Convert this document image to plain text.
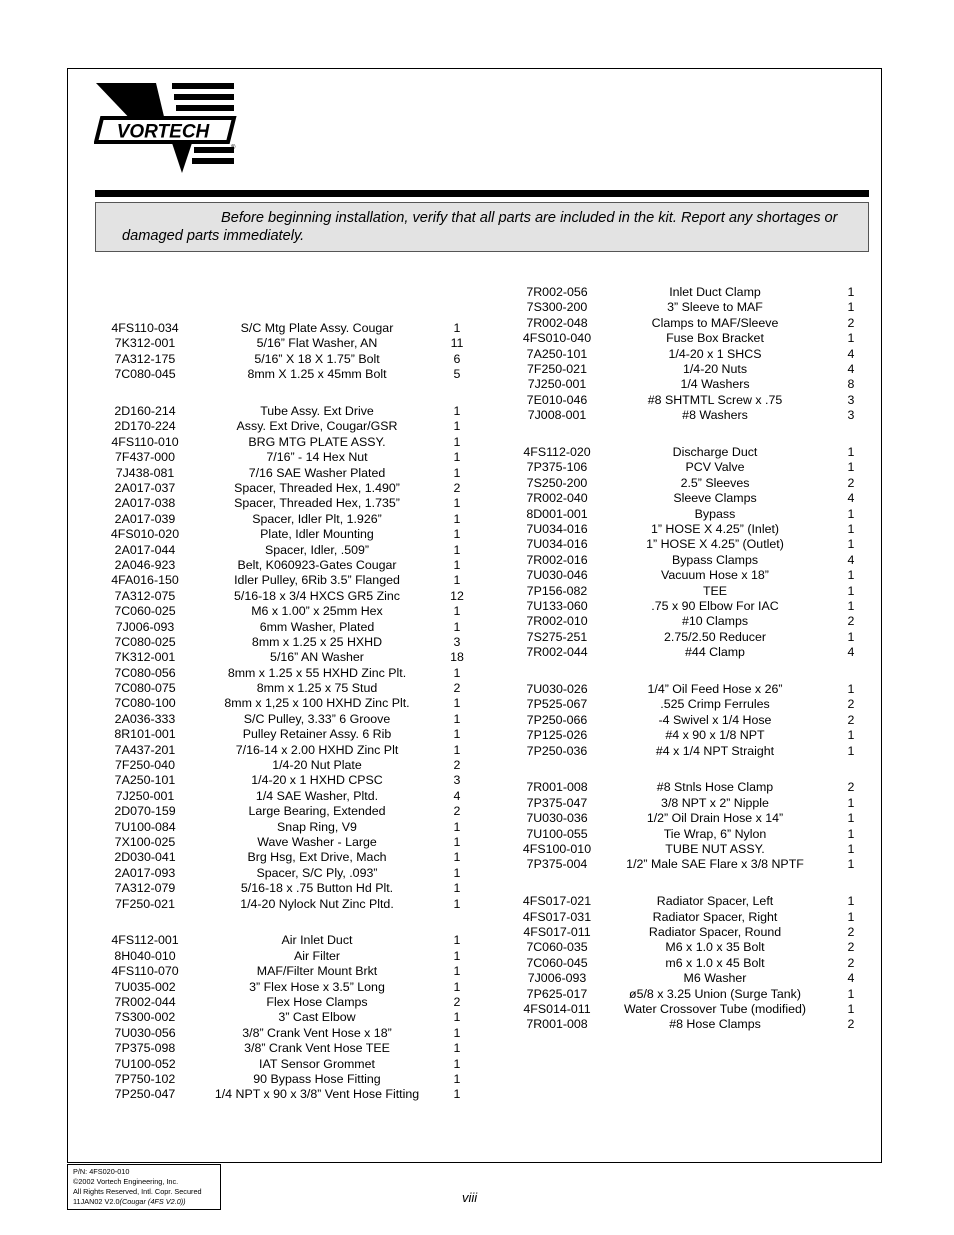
VORTECH
®
Before beginning installation, verify that all parts are included in the kit. Report any shortages or damaged parts immediately.
4FS110-034	S/C Mtg Plate Assy. Cougar	1
7K312-001	5/16” Flat Washer, AN	11
7A312-175	5/16” X 18 X 1.75” Bolt	6
7C080-045	8mm X 1.25 x 45mm Bolt	5
2D160-214	Tube Assy. Ext Drive	1
2D170-224	Assy. Ext Drive, Cougar/GSR	1
4FS110-010	BRG MTG PLATE ASSY.	1
7F437-000	7/16” - 14 Hex Nut	1
7J438-081	7/16 SAE Washer Plated	1
2A017-037	Spacer, Threaded Hex, 1.490”	2
2A017-038	Spacer, Threaded Hex, 1.735”	1
2A017-039	Spacer, Idler Plt, 1.926”	1
4FS010-020	Plate, Idler Mounting	1
2A017-044	Spacer, Idler, .509”	1
2A046-923	Belt, K060923-Gates Cougar	1
4FA016-150	Idler Pulley, 6Rib 3.5” Flanged	1
7A312-075	5/16-18 x 3/4 HXCS GR5 Zinc	12
7C060-025	M6 x 1.00” x 25mm Hex	1
7J006-093	6mm Washer, Plated	1
7C080-025	8mm x 1.25 x 25 HXHD	3
7K312-001	5/16” AN Washer	18
7C080-056	8mm x 1.25 x 55 HXHD Zinc Plt.	1
7C080-075	8mm x 1.25 x 75 Stud	2
7C080-100	8mm x 1,25 x 100 HXHD Zinc Plt.	1
2A036-333	S/C Pulley, 3.33” 6 Groove	1
8R101-001	Pulley Retainer Assy. 6 Rib	1
7A437-201	7/16-14 x 2.00 HXHD Zinc Plt	1
7F250-040	1/4-20 Nut Plate	2
7A250-101	1/4-20 x 1 HXHD CPSC	3
7J250-001	1/4 SAE Washer, Pltd.	4
2D070-159	Large Bearing, Extended	2
7U100-084	Snap Ring, V9	1
7X100-025	Wave Washer - Large	1
2D030-041	Brg Hsg, Ext Drive, Mach	1
2A017-093	Spacer, S/C Ply, .093”	1
7A312-079	5/16-18 x .75 Button Hd Plt.	1
7F250-021	1/4-20 Nylock Nut Zinc Pltd.	1
4FS112-001	Air Inlet Duct	1
8H040-010	Air Filter	1
4FS110-070	MAF/Filter Mount Brkt	1
7U035-002	3” Flex Hose x 3.5” Long	1
7R002-044	Flex Hose Clamps	2
7S300-002	3” Cast Elbow	1
7U030-056	3/8” Crank Vent Hose x 18”	1
7P375-098	3/8” Crank Vent Hose TEE	1
7U100-052	IAT Sensor Grommet	1
7P750-102	90 Bypass Hose Fitting	1
7P250-047	1/4 NPT x 90 x 3/8” Vent Hose Fitting	1
7R002-056	Inlet Duct Clamp	1
7S300-200	3” Sleeve to MAF	1
7R002-048	Clamps to MAF/Sleeve	2
4FS010-040	Fuse Box Bracket	1
7A250-101	1/4-20 x 1 SHCS	4
7F250-021	1/4-20 Nuts	4
7J250-001	1/4 Washers	8
7E010-046	#8 SHTMTL Screw x .75	3
7J008-001	#8 Washers	3
4FS112-020	Discharge Duct	1
7P375-106	PCV Valve	1
7S250-200	2.5” Sleeves	2
7R002-040	Sleeve Clamps	4
8D001-001	Bypass	1
7U034-016	1” HOSE X 4.25” (Inlet)	1
7U034-016	1” HOSE X 4.25” (Outlet)	1
7R002-016	Bypass Clamps	4
7U030-046	Vacuum Hose x 18”	1
7P156-082	TEE	1
7U133-060	.75 x 90 Elbow For IAC	1
7R002-010	#10 Clamps	2
7S275-251	2.75/2.50 Reducer	1
7R002-044	#44 Clamp	4
7U030-026	1/4” Oil Feed Hose x 26”	1
7P525-067	.525 Crimp Ferrules	2
7P250-066	-4 Swivel x 1/4 Hose	2
7P125-026	#4 x 90 x 1/8 NPT	1
7P250-036	#4 x 1/4 NPT Straight	1
7R001-008	#8 Stnls Hose Clamp	2
7P375-047	3/8 NPT x 2” Nipple	1
7U030-036	1/2” Oil Drain Hose x 14”	1
7U100-055	Tie Wrap, 6” Nylon	1
4FS100-010	TUBE NUT ASSY.	1
7P375-004	1/2” Male SAE Flare x 3/8 NPTF	1
4FS017-021	Radiator Spacer, Left	1
4FS017-031	Radiator Spacer, Right	1
4FS017-011	Radiator Spacer, Round	2
7C060-035	M6 x 1.0 x 35 Bolt	2
7C060-045	m6 x 1.0 x 45 Bolt	2
7J006-093	M6 Washer	4
7P625-017	ø5/8 x 3.25 Union (Surge Tank)	1
4FS014-011	Water Crossover Tube (modified)	1
7R001-008	#8 Hose Clamps	2
P/N: 4FS020-010
©2002 Vortech Engineering, Inc.
All Rights Reserved, Intl. Copr. Secured
11JAN02 V2.0(Cougar (4FS V2.0))	viii
